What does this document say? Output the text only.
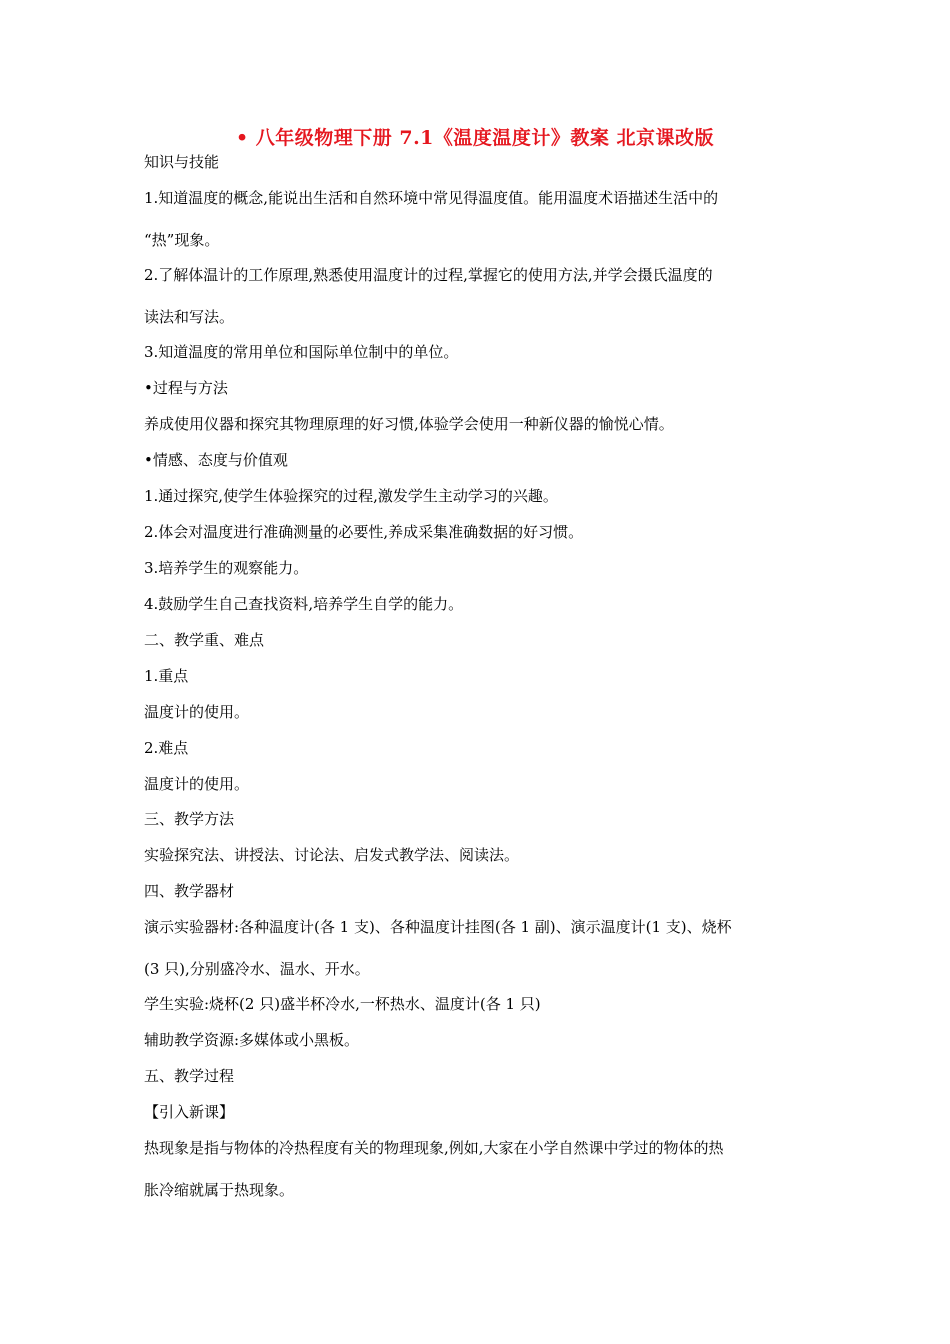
• 八年级物理下册 7.1《温度温度计》教案 北京课改版
知识与技能
1.知道温度的概念,能说出生活和自然环境中常见得温度值。能用温度术语描述生活中的
“热”现象。
2.了解体温计的工作原理,熟悉使用温度计的过程,掌握它的使用方法,并学会摄氏温度的
读法和写法。
3.知道温度的常用单位和国际单位制中的单位。
•过程与方法
养成使用仪器和探究其物理原理的好习惯,体验学会使用一种新仪器的愉悦心情。
•情感、态度与价值观
1.通过探究,使学生体验探究的过程,激发学生主动学习的兴趣。
2.体会对温度进行准确测量的必要性,养成采集准确数据的好习惯。
3.培养学生的观察能力。
4.鼓励学生自己查找资料,培养学生自学的能力。
二、教学重、难点
1.重点
温度计的使用。
2.难点
温度计的使用。
三、教学方法
实验探究法、讲授法、讨论法、启发式教学法、阅读法。
四、教学器材
演示实验器材:各种温度计(各 1 支)、各种温度计挂图(各 1 副)、演示温度计(1 支)、烧杯
(3 只),分别盛冷水、温水、开水。
学生实验:烧杯(2 只)盛半杯冷水,一杯热水、温度计(各 1 只)
辅助教学资源:多媒体或小黑板。
五、教学过程
【引入新课】
热现象是指与物体的冷热程度有关的物理现象,例如,大家在小学自然课中学过的物体的热
胀冷缩就属于热现象。
